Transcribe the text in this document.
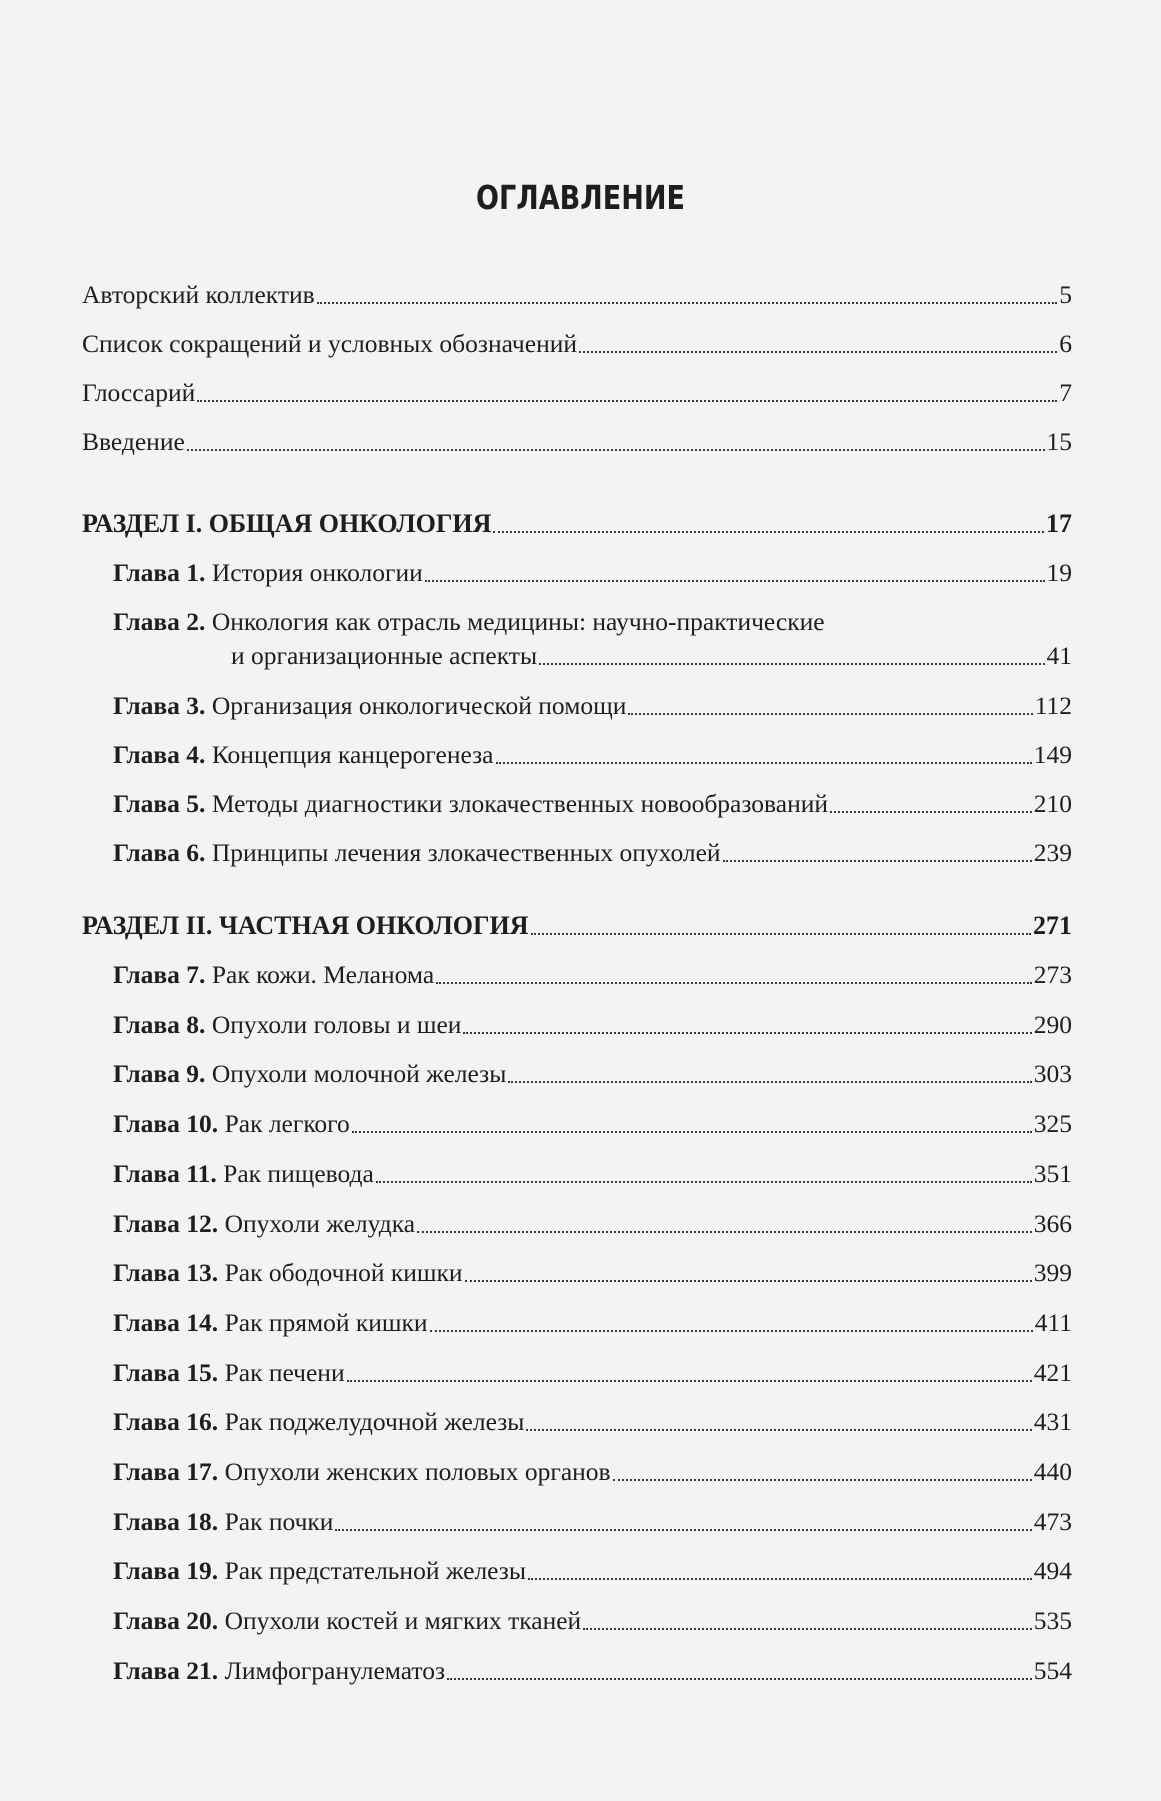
ОГЛАВЛЕНИЕ
Авторский коллектив	5
Список сокращений и условных обозначений	6
Глоссарий	7
Введение	15
РАЗДЕЛ I. ОБЩАЯ ОНКОЛОГИЯ	17
Глава 1. История онкологии	19
Глава 2. Онкология как отрасль медицины: научно-практические
и организационные аспекты	41
Глава 3. Организация онкологической помощи	112
Глава 4. Концепция канцерогенеза	149
Глава 5. Методы диагностики злокачественных новообразований	210
Глава 6. Принципы лечения злокачественных опухолей	239
РАЗДЕЛ II. ЧАСТНАЯ ОНКОЛОГИЯ	271
Глава 7. Рак кожи. Меланома	273
Глава 8. Опухоли головы и шеи	290
Глава 9. Опухоли молочной железы	303
Глава 10. Рак легкого	325
Глава 11. Рак пищевода	351
Глава 12. Опухоли желудка	366
Глава 13. Рак ободочной кишки	399
Глава 14. Рак прямой кишки	411
Глава 15. Рак печени	421
Глава 16. Рак поджелудочной железы	431
Глава 17. Опухоли женских половых органов	440
Глава 18. Рак почки	473
Глава 19. Рак предстательной железы	494
Глава 20. Опухоли костей и мягких тканей	535
Глава 21. Лимфогранулематоз	554
